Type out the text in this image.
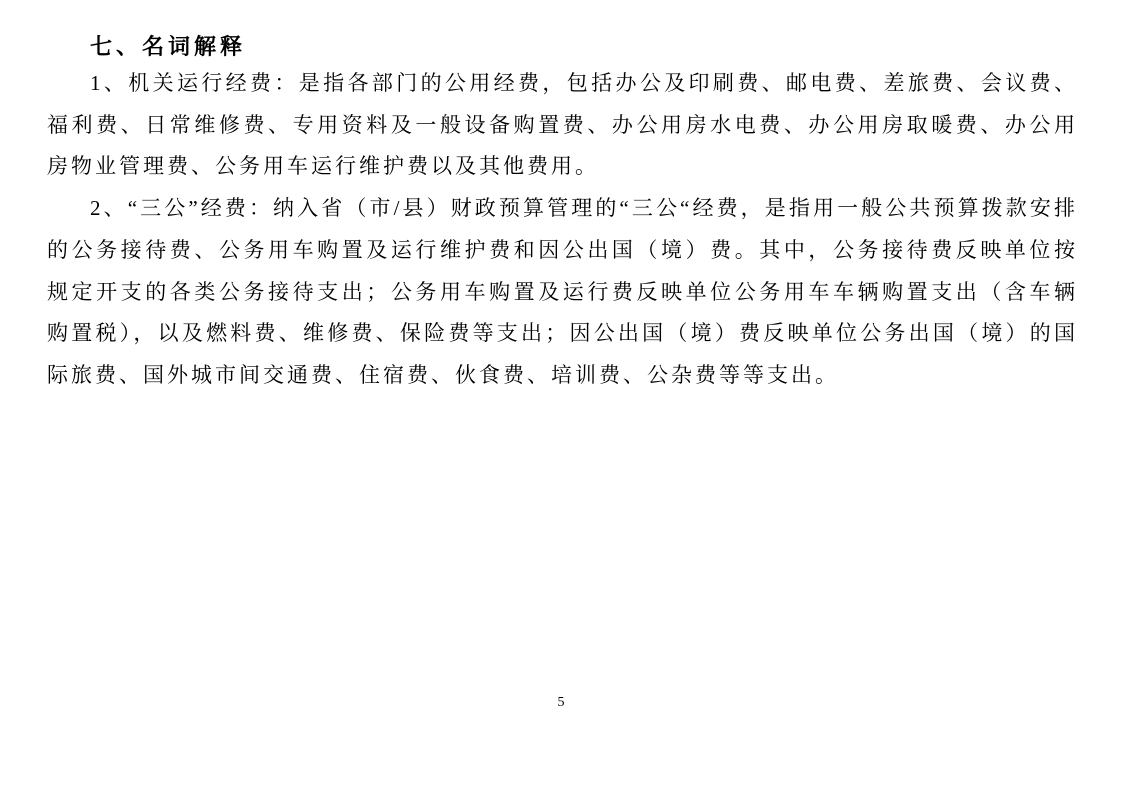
七、名词解释

1、机关运行经费：是指各部门的公用经费，包括办公及印刷费、邮电费、差旅费、会议费、福利费、日常维修费、专用资料及一般设备购置费、办公用房水电费、办公用房取暖费、办公用房物业管理费、公务用车运行维护费以及其他费用。

2、“三公”经费：纳入省（市/县）财政预算管理的“三公“经费，是指用一般公共预算拨款安排的公务接待费、公务用车购置及运行维护费和因公出国（境）费。其中，公务接待费反映单位按规定开支的各类公务接待支出；公务用车购置及运行费反映单位公务用车车辆购置支出（含车辆购置税），以及燃料费、维修费、保险费等支出；因公出国（境）费反映单位公务出国（境）的国际旅费、国外城市间交通费、住宿费、伙食费、培训费、公杂费等等支出。

5
